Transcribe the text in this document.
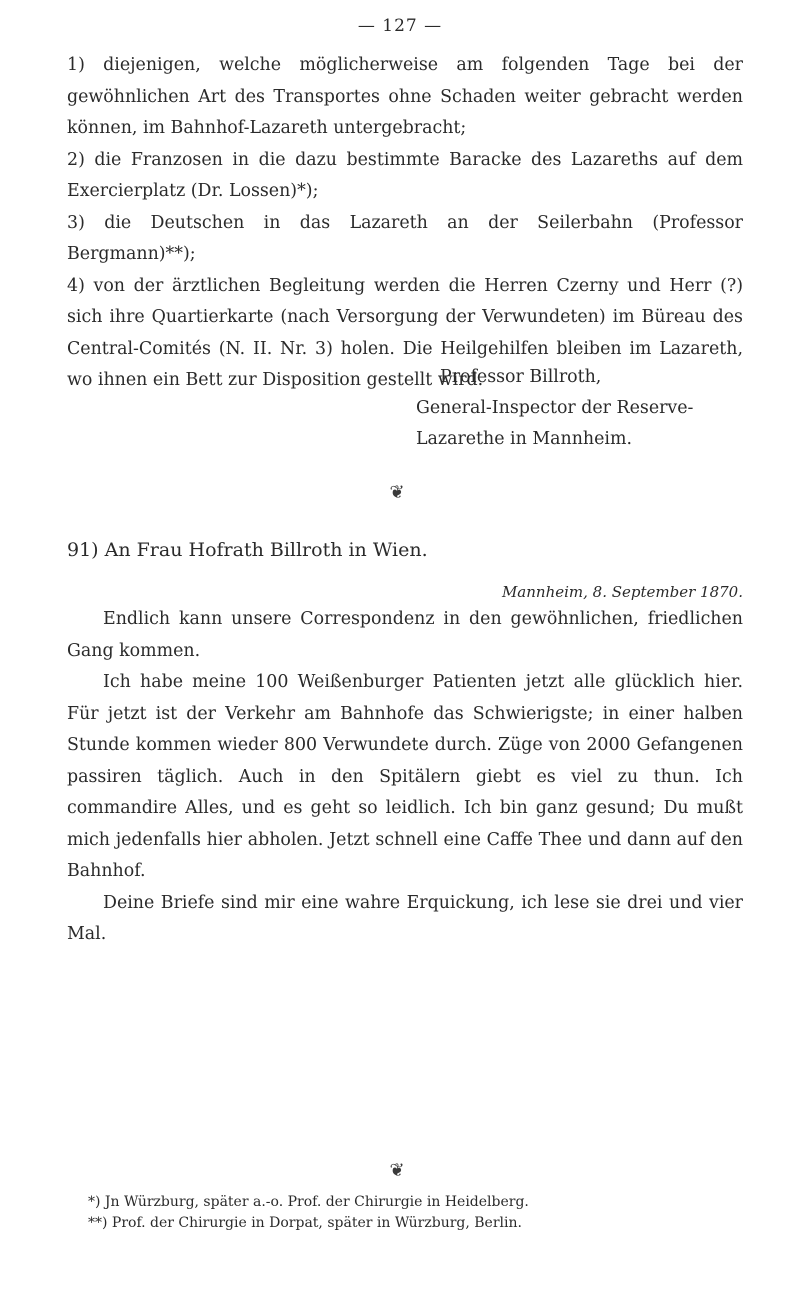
— 127 —

1) diejenigen, welche möglicherweise am folgenden Tage bei der gewöhnlichen Art des Transportes ohne Schaden weiter gebracht werden können, im Bahnhof-Lazareth untergebracht;

2) die Franzosen in die dazu bestimmte Baracke des Lazareths auf dem Exercierplatz (Dr. Lossen)*);

3) die Deutschen in das Lazareth an der Seilerbahn (Professor Bergmann)**);

4) von der ärztlichen Begleitung werden die Herren Czerny und Herr (?) sich ihre Quartierkarte (nach Versorgung der Verwundeten) im Büreau des Central-Comités (N. II. Nr. 3) holen. Die Heilgehilfen bleiben im Lazareth, wo ihnen ein Bett zur Disposition gestellt wird.

Professor Billroth,
General-Inspector der Reserve-
Lazarethe in Mannheim.
❦
91) An Frau Hofrath Billroth in Wien.
Mannheim, 8. September 1870.

Endlich kann unsere Correspondenz in den gewöhnlichen, friedlichen Gang kommen.

Ich habe meine 100 Weißenburger Patienten jetzt alle glücklich hier. Für jetzt ist der Verkehr am Bahnhofe das Schwierigste; in einer halben Stunde kommen wieder 800 Verwundete durch. Züge von 2000 Gefangenen passiren täglich. Auch in den Spitälern giebt es viel zu thun. Ich commandire Alles, und es geht so leidlich. Ich bin ganz gesund; Du mußt mich jedenfalls hier abholen. Jetzt schnell eine Caffe Thee und dann auf den Bahnhof.

Deine Briefe sind mir eine wahre Erquickung, ich lese sie drei und vier Mal.

❦

*) Jn Würzburg, später a.-o. Prof. der Chirurgie in Heidelberg.

**) Prof. der Chirurgie in Dorpat, später in Würzburg, Berlin.
